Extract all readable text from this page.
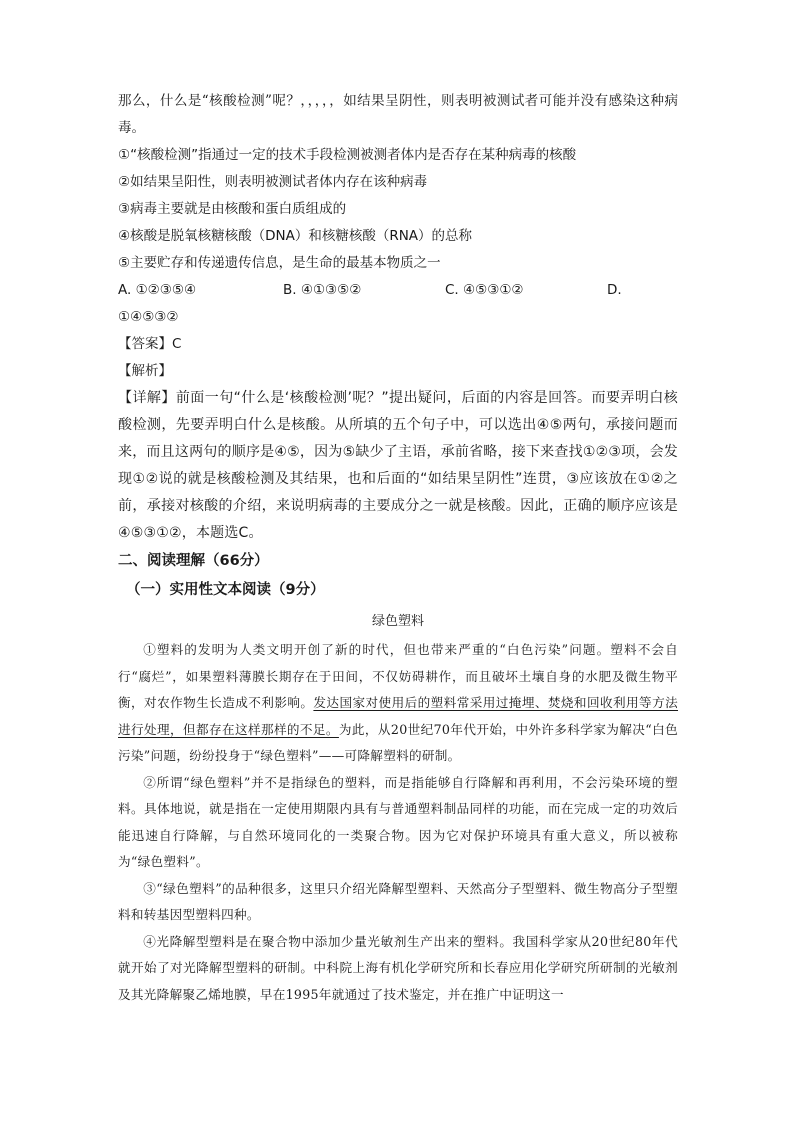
那么，什么是“核酸检测”呢？，，，，，如结果呈阴性，则表明被测试者可能并没有感染这种病毒。

①“核酸检测”指通过一定的技术手段检测被测者体内是否存在某种病毒的核酸
②如结果呈阳性，则表明被测试者体内存在该种病毒
③病毒主要就是由核酸和蛋白质组成的
④核酸是脱氧核糖核酸（DNA）和核糖核酸（RNA）的总称
⑤主要贮存和传递遗传信息，是生命的最基本物质之一
A. ①②③⑤④	B. ④①③⑤②	C. ④⑤③①②	D.
①④⑤③②
【答案】C
【解析】

【详解】前面一句“什么是‘核酸检测’呢？”提出疑问，后面的内容是回答。而要弄明白核酸检测，先要弄明白什么是核酸。从所填的五个句子中，可以选出④⑤两句，承接问题而来，而且这两句的顺序是④⑤，因为⑤缺少了主语，承前省略，接下来查找①②③项，会发现①②说的就是核酸检测及其结果，也和后面的“如结果呈阴性”连贯，③应该放在①②之前，承接对核酸的介绍，来说明病毒的主要成分之一就是核酸。因此，正确的顺序应该是④⑤③①②，本题选C。

二、阅读理解（66分）
（一）实用性文本阅读（9分）
绿色塑料

①塑料的发明为人类文明开创了新的时代，但也带来严重的“白色污染”问题。塑料不会自行“腐烂”，如果塑料薄膜长期存在于田间，不仅妨碍耕作，而且破坏土壤自身的水肥及微生物平衡，对农作物生长造成不利影响。发达国家对使用后的塑料常采用过掩埋、焚烧和回收利用等方法进行处理，但都存在这样那样的不足。为此，从20世纪70年代开始，中外许多科学家为解决“白色污染”问题，纷纷投身于“绿色塑料”——可降解塑料的研制。

②所谓“绿色塑料”并不是指绿色的塑料，而是指能够自行降解和再利用，不会污染环境的塑料。具体地说，就是指在一定使用期限内具有与普通塑料制品同样的功能，而在完成一定的功效后能迅速自行降解，与自然环境同化的一类聚合物。因为它对保护环境具有重大意义，所以被称为“绿色塑料”。

③“绿色塑料”的品种很多，这里只介绍光降解型塑料、天然高分子型塑料、微生物高分子型塑料和转基因型塑料四种。

④光降解型塑料是在聚合物中添加少量光敏剂生产出来的塑料。我国科学家从20世纪80年代就开始了对光降解型塑料的研制。中科院上海有机化学研究所和长春应用化学研究所研制的光敏剂及其光降解聚乙烯地膜，早在1995年就通过了技术鉴定，并在推广中证明这一
